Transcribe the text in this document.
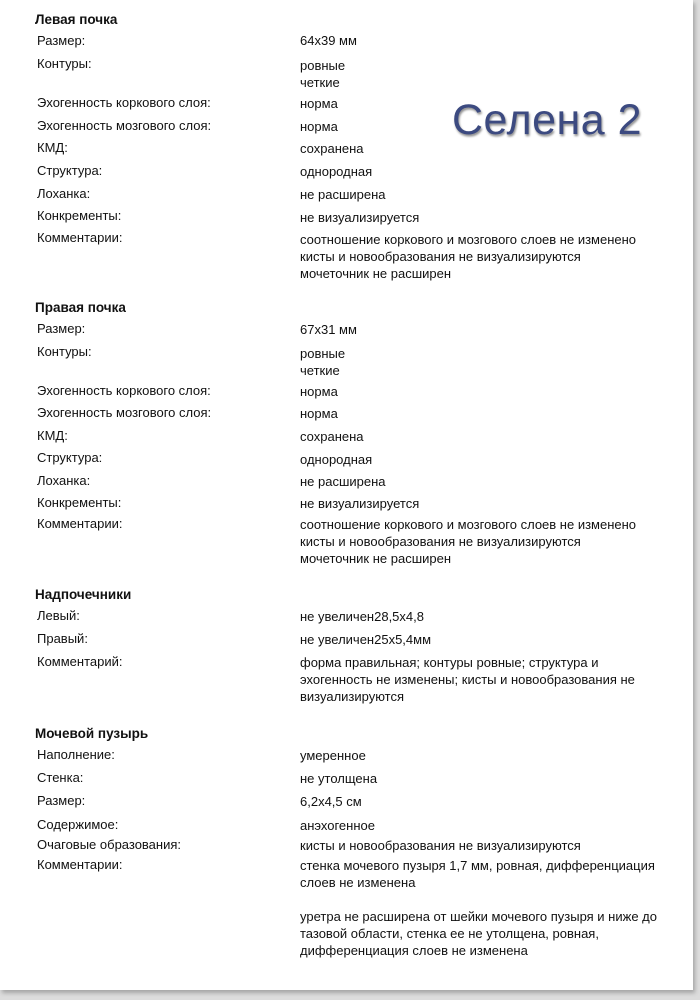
Селена 2
Левая почка
Размер:	64х39 мм
Контуры:	ровные
четкие
Эхогенность коркового слоя:	норма
Эхогенность мозгового слоя:	норма
КМД:	сохранена
Структура:	однородная
Лоханка:	не расширена
Конкременты:	не визуализируется
Комментарии:	соотношение коркового и мозгового слоев не изменено
кисты и новообразования не визуализируются
мочеточник не расширен
Правая почка
Размер:	67х31 мм
Контуры:	ровные
четкие
Эхогенность коркового слоя:	норма
Эхогенность мозгового слоя:	норма
КМД:	сохранена
Структура:	однородная
Лоханка:	не расширена
Конкременты:	не визуализируется
Комментарии:	соотношение коркового и мозгового слоев не изменено
кисты и новообразования не визуализируются
мочеточник не расширен
Надпочечники
Левый:	не увеличен28,5х4,8
Правый:	не увеличен25х5,4мм
Комментарий:	форма правильная; контуры ровные; структура и эхогенность не изменены; кисты и новообразования не визуализируются
Мочевой пузырь
Наполнение:	умеренное
Стенка:	не утолщена
Размер:	6,2х4,5 см
Содержимое:	анэхогенное
Очаговые образования:	кисты и новообразования не визуализируются
Комментарии:	стенка мочевого пузыря 1,7 мм, ровная, дифференциация слоев не изменена

уретра не расширена от шейки мочевого пузыря и ниже до тазовой области, стенка ее не утолщена, ровная, дифференциация слоев не изменена
